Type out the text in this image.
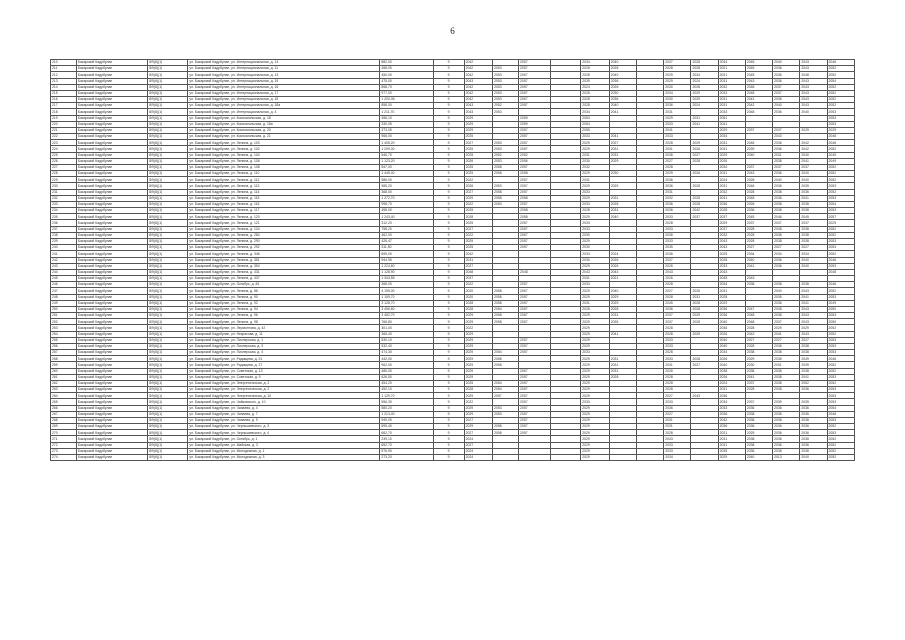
6
210	Бакарский Кадрбулан	8/9(6)(1)	ул. Бакарский Кадрбулан, ул. Интернациональная, д. 14	882,00	9	2042		2057		2034	2040		2037	2028	2034	2045	2040	2043	2046
211	Бакарский Кадрбулан	8/9(6)(1)	ул. Бакарский Кадрбулан, ул. Интернациональная, д. 11	458,00	9	2042	2053	2057		2028	2028		2028	2028	2021	2045	2036	2043	2052
212	Бакарский Кадрбулан	8/9(6)(1)	ул. Бакарский Кадрбулан, ул. Интернациональная, д. 13	450,00	9	2042	2053	2057		2028	2040		2029	2034	2021	2045	2036	2048	2052
213	Бакарский Кадрбулан	8/9(6)(1)	ул. Бакарский Кадрбулан, ул. Интернациональная, д. 15	475,00	9	2043	2053	2057		2039	2036		2029	2024	2031	2043	2036	2043	2054
214	Бакарский Кадрбулан	8/9(6)(1)	ул. Бакарский Кадрбулан, ул. Интернациональная, д. 16	858,70	9	2042	2053	2057		2024	2026		2030	2028	2032	2048	2037	2043	2052
215	Бакарский Кадрбулан	8/9(6)(1)	ул. Бакарский Кадрбулан, ул. Интернациональная, д. 17	977,00	9	2042	2053	2057		2028	2030		2034	2029	2033	2048	2037	2043	2052
216	Бакарский Кадрбулан	8/9(6)(1)	ул. Бакарский Кадрбулан, ул. Интернациональная, д. 18	1 200,06	9	2042	2053	2057		2028	2036		2030	2029	2031	2041	2036	2043	2052
217	Бакарский Кадрбулан	8/9(6)(1)	ул. Бакарский Кадрбулан, ул. Интернациональная, д. 18а	858,00	9	2043	2052	2057		2028	2040		2036	2024	2031	2042	2040	2043	2052
218	Бакарский Кадрбулан	8/9(6)(1)	ул. Бакарский Кадрбулан, ул. Интернациональная, д. 4	1 211,70	9	2043	2053			2034	2041		2031		2033	2048	2036	2040	2053
219	Бакарский Кадрбулан	8/9(6)(1)	ул. Бакарский Кадрбулан, ул. Комсомольская, д. 18	456,10	9	2029		2059		2053			2029	2031	2051				2053
220	Бакарский Кадрбулан	8/9(6)(1)	ул. Бакарский Кадрбулан, ул. Комсомольская, д. 18а	330,05	9	2029		2059		2054			2033	2041	2041				2053
221	Бакарский Кадрбулан	8/9(6)(1)	ул. Бакарский Кадрбулан, ул. Комсомольская, д. 20	373,05	9	2029		2057		2055			2041		2029	2037	2037	2029	2029
222	Бакарский Кадрбулан	8/9(6)(1)	ул. Бакарский Кадрбулан, ул. Комсомольская, д. 21	966,00	9	2025		2057		2033	2041		2033		2034		2043		2046
223	Бакарский Кадрбулан	8/9(6)(1)	ул. Бакарский Кадрбулан, ул. Ленина, д. 100	1 405,20	9	2027	2053	2057		2029	2027		2028	2029	2031	2046	2036	2042	2046
224	Бакарский Кадрбулан	8/9(6)(1)	ул. Бакарский Кадрбулан, ул. Ленина, д. 102	1 209,00	9	2025	2053	2057		2029	2031		2031	2026	2031	2039	2036	2042	2052
225	Бакарский Кадрбулан	8/9(6)(1)	ул. Бакарский Кадрбулан, ул. Ленина, д. 104	546,70	9	2025	2052	2052		2031	2031		2036	2027	2029	2040	2031	2040	2049
226	Бакарский Кадрбулан	8/9(6)(1)	ул. Бакарский Кадрбулан, ул. Ленина, д. 106	1 123,20	9	2026	2053	2056		2030	2029		2027	2028	2026		2038	2041	2049
227	Бакарский Кадрбулан	8/9(6)(1)	ул. Бакарский Кадрбулан, ул. Ленина, д. 108	547,00	9	2025	2058	2057		2032			2028		2034	2037	2037	2037	2052
228	Бакарский Кадрбулан	8/9(6)(1)	ул. Бакарский Кадрбулан, ул. Ленина, д. 110	1 445,40	9	2025	2058	2058		2029	2030		2029	2026	2031	2043	2036	2040	2052
229	Бакарский Кадрбулан	8/9(6)(1)	ул. Бакарский Кадрбулан, ул. Ленина, д. 112	586,00	9	2022		2057		2031			2036		2024	2028	2040	2040	2052
230	Бакарский Кадрбулан	8/9(6)(1)	ул. Бакарский Кадрбулан, ул. Ленина, д. 113	985,20	9	2026	2053	2057		2029	2029		2036	2028	2031	2046	2036	2039	2053
231	Бакарский Кадрбулан	8/9(6)(1)	ул. Бакарский Кадрбулан, ул. Ленина, д. 114	368,00	9	2027	2058	2057		2033			2031		2032	2028	2038	2036	2052
232	Бакарский Кадрбулан	8/9(6)(1)	ул. Бакарский Кадрбулан, ул. Ленина, д. 115	1 272,70	9	2029	2058	2058		2029	2031		2032	2028	2041	2048	2036	2041	2053
233	Бакарский Кадрбулан	8/9(6)(1)	ул. Бакарский Кадрбулан, ул. Ленина, д. 116	998,70	9	2022	2054	2057		2033	2028		2036	2028	2036	2026	2038	2038	2054
234	Бакарский Кадрбулан	8/9(6)(1)	ул. Бакарский Кадрбулан, ул. Ленина, д. 117	458,00	9	2025		2058		2028	2031		2036	2042	2028	2036	2038	2038	2053
235	Бакарский Кадрбулан	8/9(6)(1)	ул. Бакарский Кадрбулан, ул. Ленина, д. 120	1 243,40	9	2028		2058		2029	2040		2033	2037	2037	2045	2046	2045	2057
236	Бакарский Кадрбулан	8/9(6)(1)	ул. Бакарский Кадрбулан, ул. Ленина, д. 121	312,20	9	2025		2057		2033			2028		2029	2037	2037	2037	2029
237	Бакарский Кадрбулан	8/9(6)(1)	ул. Бакарский Кадрбулан, ул. Ленина, д. 124	758,20	9	2027		2057		2033			2033		2037	2028	2038	2038	2052
238	Бакарский Кадрбулан	8/9(6)(1)	ул. Бакарский Кадрбулан, ул. Ленина, д. 284	462,00	9	2022		2057		2030			2036		2032	2028	2038	2038	2052
239	Бакарский Кадрбулан	8/9(6)(1)	ул. Бакарский Кадрбулан, ул. Ленина, д. 290	426,47	9	2025		2057		2029			2033		2043	2028	2038	2038	2053
240	Бакарский Кадрбулан	8/9(6)(1)	ул. Бакарский Кадрбулан, ул. Ленина, д. 292	311,50	9	2025		2057		2030			2035		2043	2027	2027	2027	2053
241	Бакарский Кадрбулан	8/9(6)(1)	ул. Бакарский Кадрбулан, ул. Ленина, д. 346	699,00	9	2042				2033	2024		2036		2025	2034	2034	2034	2052
242	Бакарский Кадрбулан	8/9(6)(1)	ул. Бакарский Кадрбулан, ул. Ленина, д. 351	944,96	9	2031				2030	2026		2037		2028	2040	2036	2040	2046
243	Бакарский Кадрбулан	8/9(6)(1)	ул. Бакарский Кадрбулан, ул. Ленина, д. 354	1 224,60	9	2027				2029	2026		2026		2033	2041	2036	2040	2053
244	Бакарский Кадрбулан	8/9(6)(1)	ул. Бакарский Кадрбулан, ул. Ленина, д. 431	1 128,90	9	2048		2048		2043	2043		2043		2043				2048
245	Бакарский Кадрбулан	8/9(6)(1)	ул. Бакарский Кадрбулан, ул. Ленина, д. 437	1 343,55	9	2037				2031	2021		2026		2045	2043			
246	Бакарский Кадрбулан	8/9(6)(1)	ул. Бакарский Кадрбулан, ул. Октябрь, д. 84	368,00	9	2022		2057		2033			2028		2034	2038	2038	2038	2046
247	Бакарский Кадрбулан	8/9(6)(1)	ул. Бакарский Кадрбулан, ул. Ленина, д. 86	4 195,00	9	2020	2058	2057		2029	2040		2027	2026	2031		2040	2043	2052
248	Бакарский Кадрбулан	8/9(6)(1)	ул. Бакарский Кадрбулан, ул. Ленина, д. 90	1 109,70	9	2020	2058	2057		2029	2029		2028	2031	2028		2035	2041	2053
249	Бакарский Кадрбулан	8/9(6)(1)	ул. Бакарский Кадрбулан, ул. Ленина, д. 92	3 128,70	9	2028	2058	2057		2031	2029		2045	2028	2029		2036	2041	2049
250	Бакарский Кадрбулан	8/9(6)(1)	ул. Бакарский Кадрбулан, ул. Ленина, д. 94	3 456,60	9	2028	2054	2057		2028	2028		2036	2028	2036	2047	2038	2043	2050
251	Бакарский Кадрбулан	8/9(6)(1)	ул. Бакарский Кадрбулан, ул. Ленина, д. 96	3 452,70	9	2029	2058	2057		2029	2031		2037	2029	2036	2048	2038	2043	2053
252	Бакарский Кадрбулан	8/9(6)(1)	ул. Бакарский Кадрбулан, ул. Ленина, д. 98	766,80	9	2029	2058	2057		2029	2035		2037	2028	2040	2048	2037	2043	2050
253	Бакарский Кадрбулан	8/9(6)(1)	ул. Бакарский Кадрбулан, ул. Лермонтова, д. 42	301,00	9	2022				2029			2028		2036	2028	2029	2029	2052
254	Бакарский Кадрбулан	8/9(6)(1)	ул. Бакарский Кадрбулан, ул. Некрасова, д. 11	366,40	9	2029				2029	2041		2028	2029	2026	2042	2041	2043	2052
255	Бакарский Кадрбулан	8/9(6)(1)	ул. Бакарский Кадрбулан, ул. Пионерская, д. 1	530,10	9	2029		2057		2029			2033		2040	2027	2027	2027	2053
256	Бакарский Кадрбулан	8/9(6)(1)	ул. Бакарский Кадрбулан, ул. Пионерская, д. 3	532,40	9	2029		2057		2029			2033		2040	2028	2036	2038	2053
257	Бакарский Кадрбулан	8/9(6)(1)	ул. Бакарский Кадрбулан, ул. Пионерская, д. 4	474,30	9	2029	2054	2057		2033			2028		2034	2038	2038	2038	2053
258	Бакарский Кадрбулан	8/9(6)(1)	ул. Бакарский Кадрбулан, ул. Радищева, д. 21	442,00	9	2029	2058			2029	2031		2033	2028	2026	2029	2035	2049	2046
259	Бакарский Кадрбулан	8/9(6)(1)	ул. Бакарский Кадрбулан, ул. Радищева, д. 27	962,00	9	2029	2058			2029	2031		2031	2027	2040	2030	2031	2039	2052
260	Бакарский Кадрбулан	8/9(6)(1)	ул. Бакарский Кадрбулан, ул. Советская, д. 13	486,00	9	2029		2057		2029	2031		2026		2038	2038	2038	2038	2052
261	Бакарский Кадрбулан	8/9(6)(1)	ул. Бакарский Кадрбулан, ул. Советская, д. 9	626,50	9	2029		2057		2029	2028		2028		2026	2041	2038	2041	2053
262	Бакарский Кадрбулан	8/9(6)(1)	ул. Бакарский Кадрбулан, ул. Энергетическая, д. 2	454,20	9	2025	2054	2057		2029			2028		2024	2037	2038	2052	2052
263	Бакарский Кадрбулан	8/9(6)(1)	ул. Бакарский Кадрбулан, ул. Энергетическая, д. 2	452,10	9	2028	2054	2057		2029			2028		2031	2028	2038	2036	2053
264	Бакарский Кадрбулан	8/9(6)(1)	ул. Бакарский Кадрбулан, ул. Энергетическая, д. 10	1 129,70	9	2029	2057	2057		2029			2027	2043	2036				2053
265	Бакарский Кадрбулан	8/9(6)(1)	ул. Бакарский Кадрбулан, ул. Чайковского, д. 10	556,30	9	2022		2057		2033			2033		2034	2037	2039	2039	2053
266	Бакарский Кадрбулан	8/9(6)(1)	ул. Бакарский Кадрбулан, ул. Чапаева, д. 4	580,20	9	2029	2053	2057		2029			2036		2033	2036	2036	2036	2054
267	Бакарский Кадрбулан	8/9(6)(1)	ул. Бакарский Кадрбулан, ул. Чапаева, д. 7	1 213,40	9	2029	2053	2057		2029			2027		2036	2038	2036	2036	2046
268	Бакарский Кадрбулан	8/9(6)(1)	ул. Бакарский Кадрбулан, ул. Чапаева, д. 9	949,00	9	2027		2057		2029			2031		2042	2038	2038	2038	2053
269	Бакарский Кадрбулан	8/9(6)(1)	ул. Бакарский Кадрбулан, ул. Чернышевского, д. 3	695,40	9	2029	2058	2057		2029			2031		2036	2036	2036	2036	2052
270	Бакарский Кадрбулан	8/9(6)(1)	ул. Бакарский Кадрбулан, ул. Чернышевского, д. 4	662,70	9	2027	2058	2057		2029			2028		2021	2025	2036	2036	2053
271	Бакарский Кадрбулан	8/9(6)(1)	ул. Бакарский Кадрбулан, ул. Октябрь, д. 1	239,10	9	2024				2029			2043		2031	2038	2036	2038	2052
272	Бакарский Кадрбулан	8/9(6)(1)	ул. Бакарский Кадрбулан, ул. Майская, д. 3	652,70	9	2027				2029			2033		2031	2038	2036	2036	2052
273	Бакарский Кадрбулан	8/9(6)(1)	ул. Бакарский Кадрбулан, ул. Молодежная, д. 1	576,90	9	2024				2029			2033		2035	2036	2038	2036	2052
274	Бакарский Кадрбулан	8/9(6)(1)	ул. Бакарский Кадрбулан, ул. Молодежная, д. 3	273,20	9	2024				2029			2034		2029	2040	2013	2040	2052
